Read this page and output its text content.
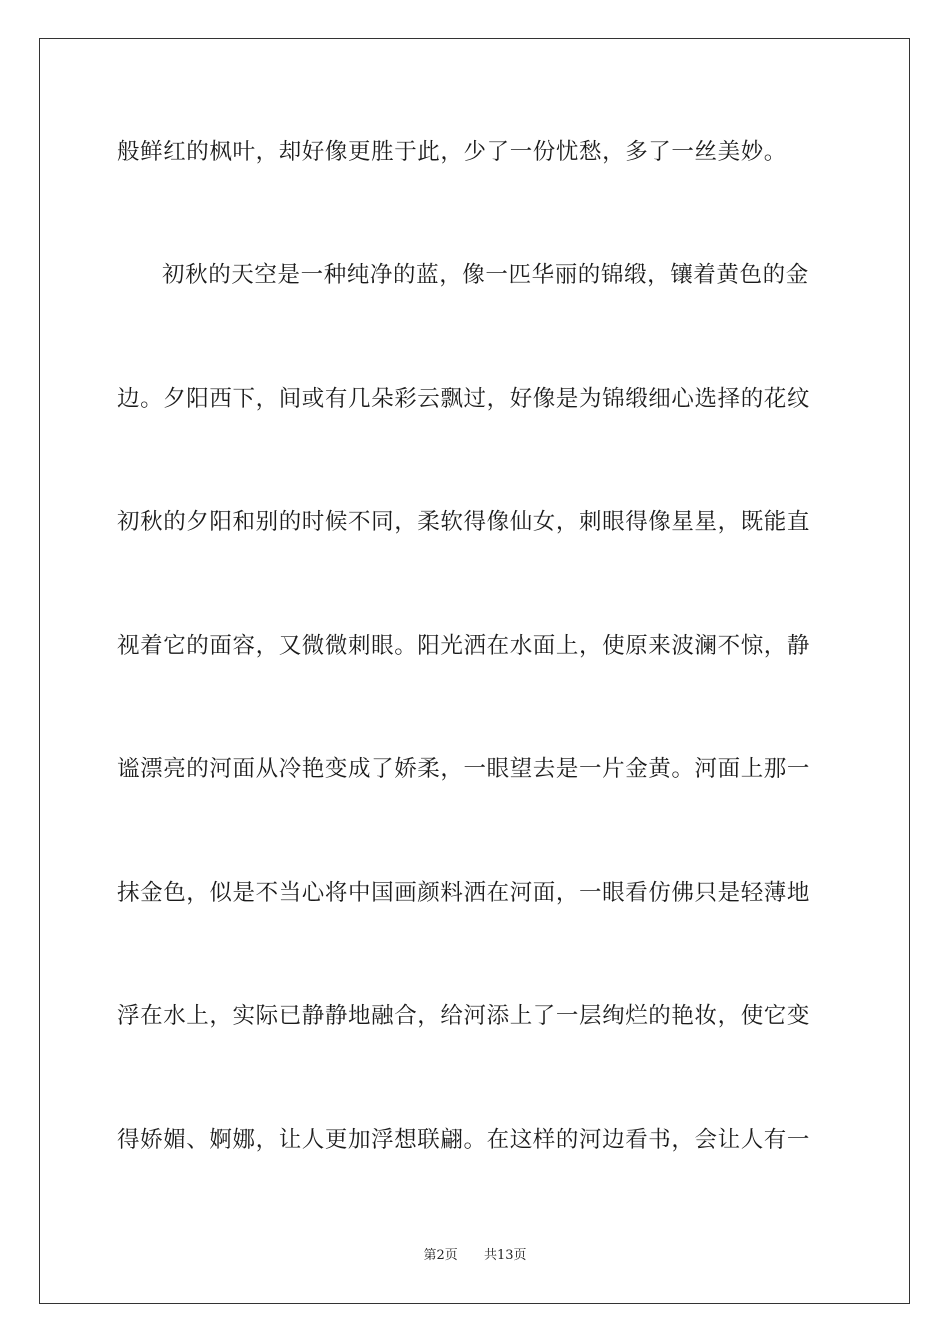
般鲜红的枫叶，却好像更胜于此，少了一份忧愁，多了一丝美妙。
初秋的天空是一种纯净的蓝，像一匹华丽的锦缎，镶着黄色的金
边。夕阳西下，间或有几朵彩云飘过，好像是为锦缎细心选择的花纹
初秋的夕阳和别的时候不同，柔软得像仙女，刺眼得像星星，既能直
视着它的面容，又微微刺眼。阳光洒在水面上，使原来波澜不惊，静
谧漂亮的河面从冷艳变成了娇柔，一眼望去是一片金黄。河面上那一
抹金色，似是不当心将中国画颜料洒在河面，一眼看仿佛只是轻薄地
浮在水上，实际已静静地融合，给河添上了一层绚烂的艳妆，使它变
得娇媚、婀娜，让人更加浮想联翩。在这样的河边看书，会让人有一
第2页 共13页
